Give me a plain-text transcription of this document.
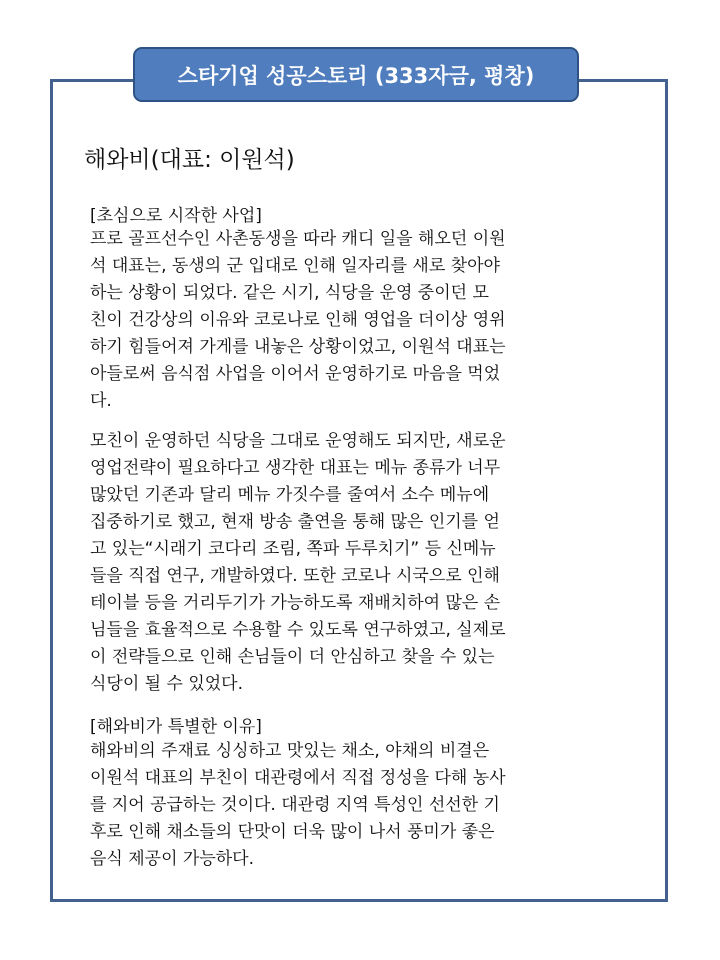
스타기업 성공스토리 (333자금, 평창)
해와비(대표: 이원석)
[초심으로 시작한 사업]
프로 골프선수인 사촌동생을 따라 캐디 일을 해오던 이원
석 대표는, 동생의 군 입대로 인해 일자리를 새로 찾아야
하는 상황이 되었다. 같은 시기, 식당을 운영 중이던 모
친이 건강상의 이유와 코로나로 인해 영업을 더이상 영위
하기 힘들어져 가게를 내놓은 상황이었고, 이원석 대표는
아들로써 음식점 사업을 이어서 운영하기로 마음을 먹었
다.
모친이 운영하던 식당을 그대로 운영해도 되지만, 새로운
영업전략이 필요하다고 생각한 대표는 메뉴 종류가 너무
많았던 기존과 달리 메뉴 가짓수를 줄여서 소수 메뉴에
집중하기로 했고, 현재 방송 출연을 통해 많은 인기를 얻
고 있는“시래기 코다리 조림, 쪽파 두루치기” 등 신메뉴
들을 직접 연구, 개발하였다. 또한 코로나 시국으로 인해
테이블 등을 거리두기가 가능하도록 재배치하여 많은 손
님들을 효율적으로 수용할 수 있도록 연구하였고, 실제로
이 전략들으로 인해 손님들이 더 안심하고 찾을 수 있는
식당이 될 수 있었다.
[해와비가 특별한 이유]
해와비의 주재료 싱싱하고 맛있는 채소, 야채의 비결은
이원석 대표의 부친이 대관령에서 직접 정성을 다해 농사
를 지어 공급하는 것이다. 대관령 지역 특성인 선선한 기
후로 인해 채소들의 단맛이 더욱 많이 나서 풍미가 좋은
음식 제공이 가능하다.
